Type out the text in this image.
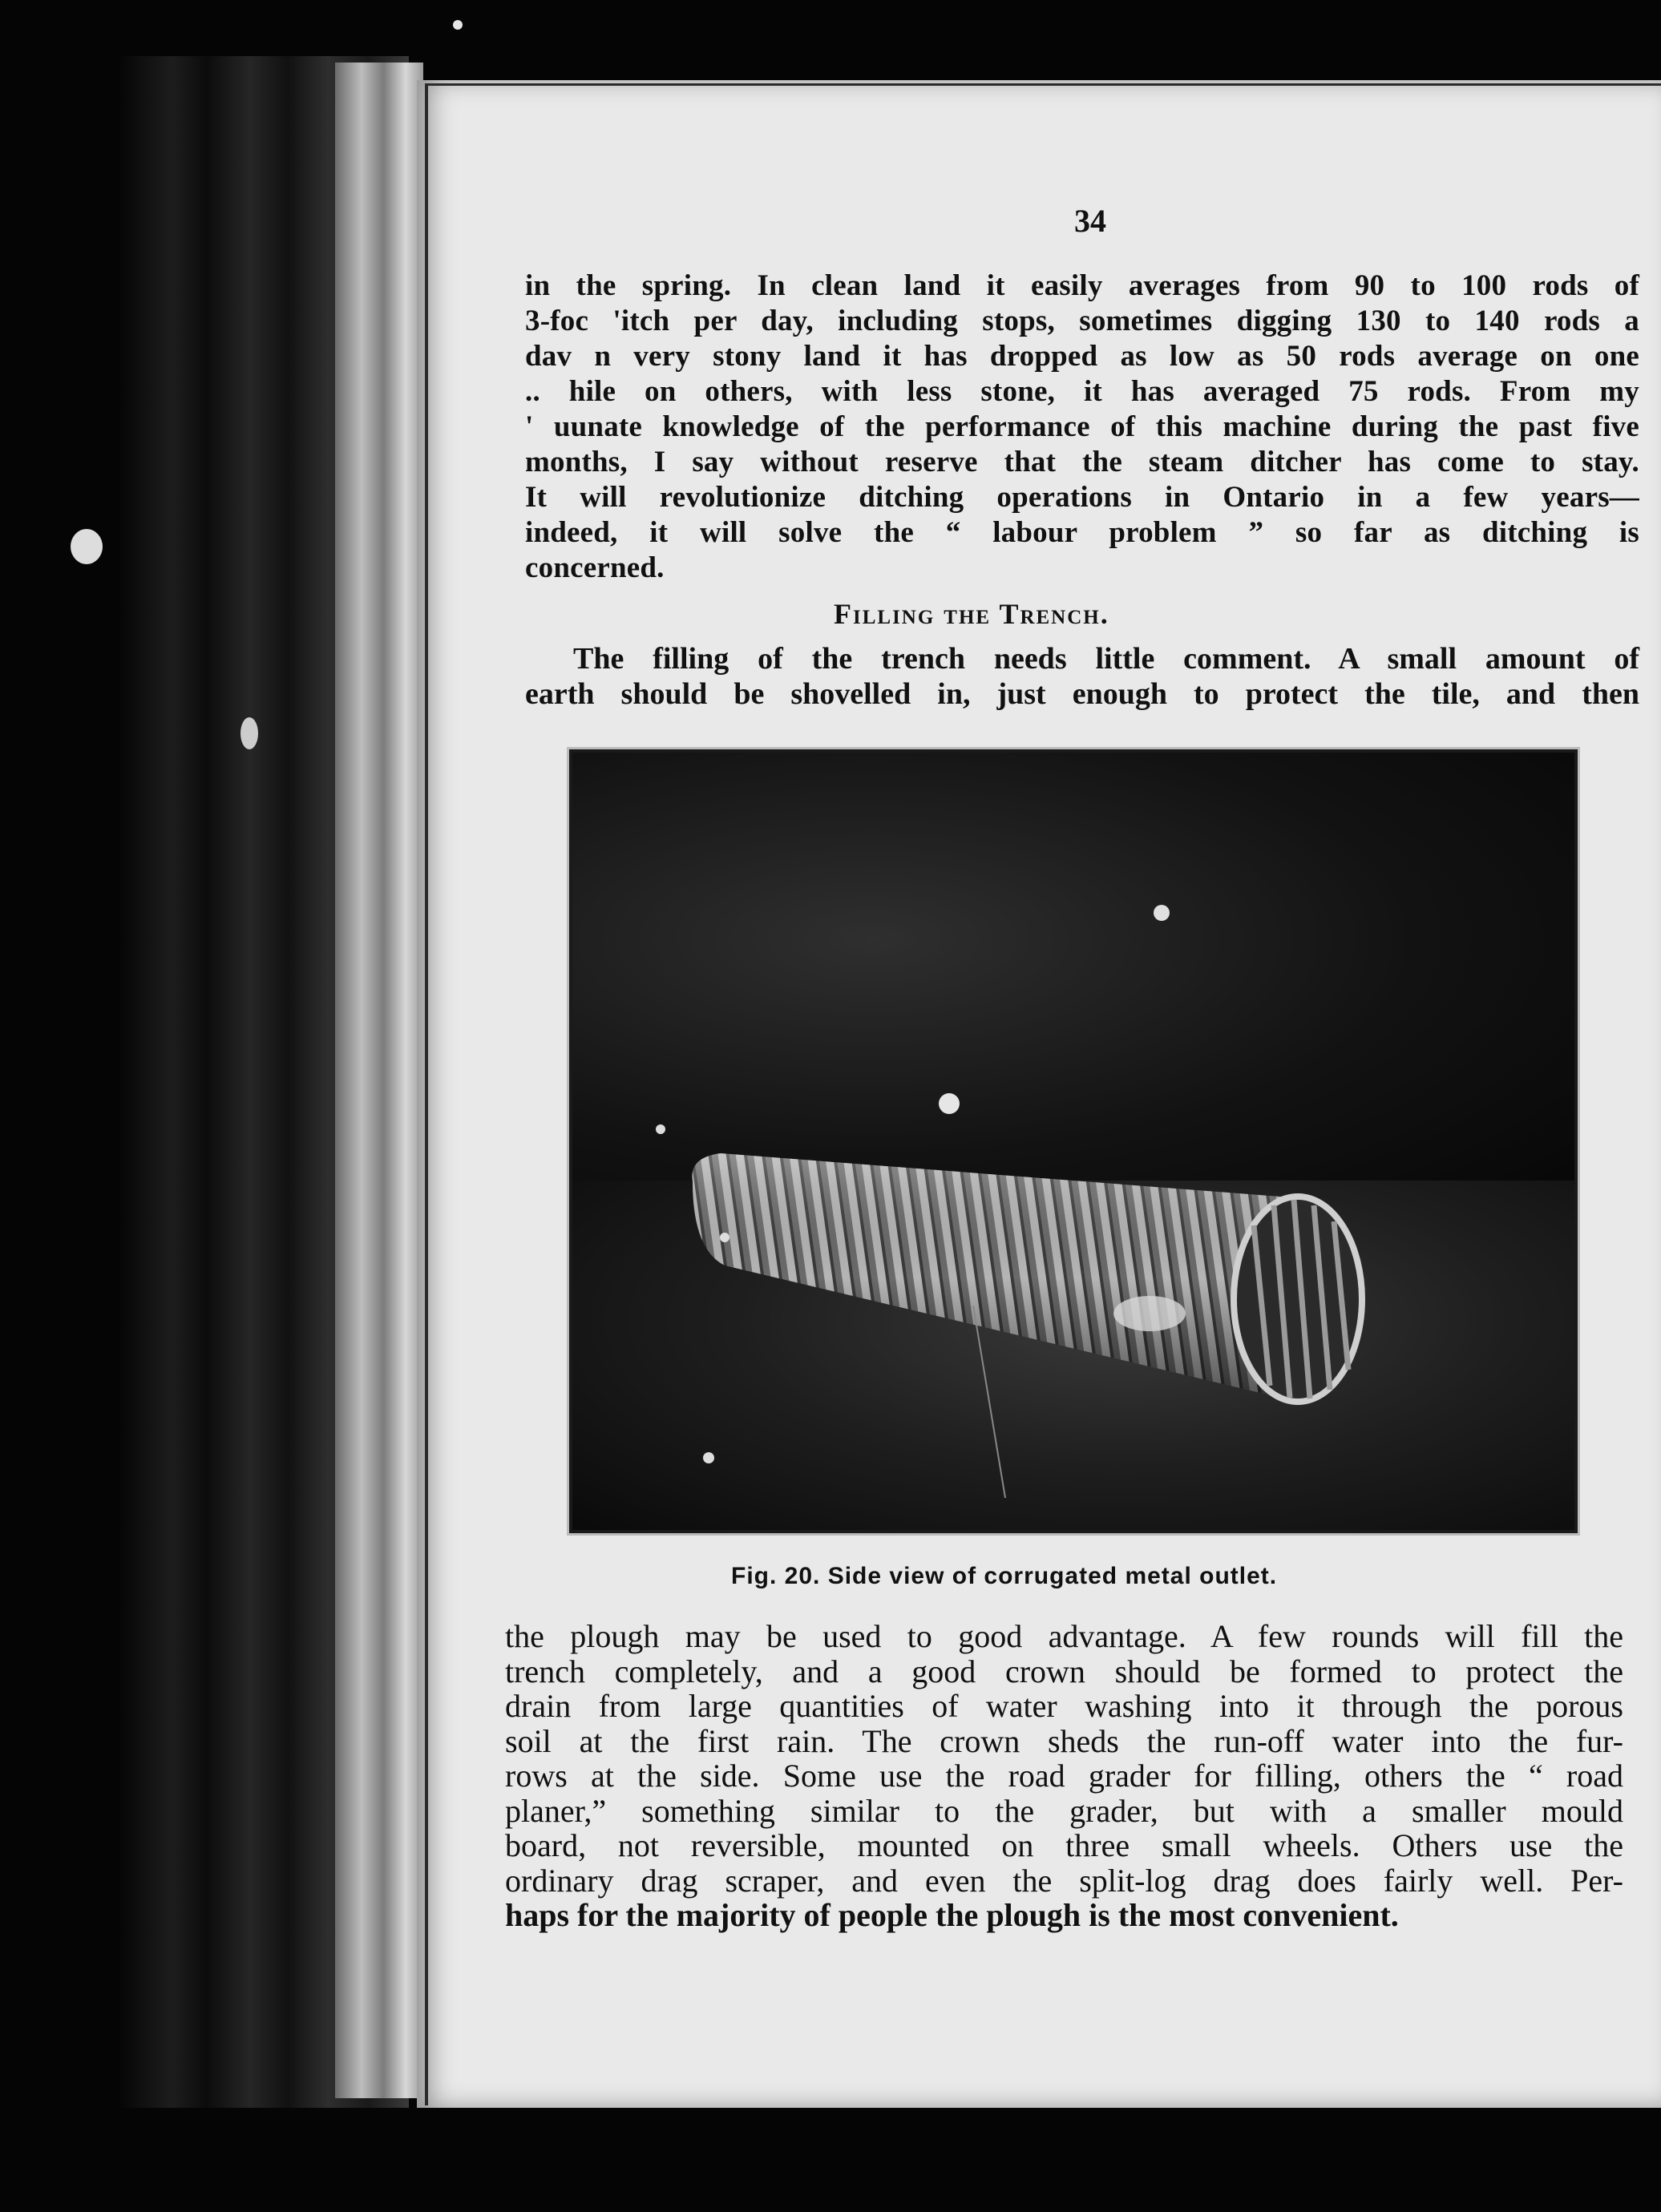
34
in the spring. In clean land it easily averages from 90 to 100 rods of
3-foc 'itch per day, including stops, sometimes digging 130 to 140 rods a
dav n very stony land it has dropped as low as 50 rods average on one
.. hile on others, with less stone, it has averaged 75 rods. From my
' uunate knowledge of the performance of this machine during the past five
months, I say without reserve that the steam ditcher has come to stay.
It will revolutionize ditching operations in Ontario in a few years—
indeed, it will solve the “ labour problem ” so far as ditching is
concerned.
Filling the Trench.
The filling of the trench needs little comment. A small amount of
earth should be shovelled in, just enough to protect the tile, and then
Fig. 20. Side view of corrugated metal outlet.
the plough may be used to good advantage. A few rounds will fill the
trench completely, and a good crown should be formed to protect the
drain from large quantities of water washing into it through the porous
soil at the first rain. The crown sheds the run-off water into the fur-
rows at the side. Some use the road grader for filling, others the “ road
planer,” something similar to the grader, but with a smaller mould
board, not reversible, mounted on three small wheels. Others use the
ordinary drag scraper, and even the split-log drag does fairly well. Per-
haps for the majority of people the plough is the most convenient.
